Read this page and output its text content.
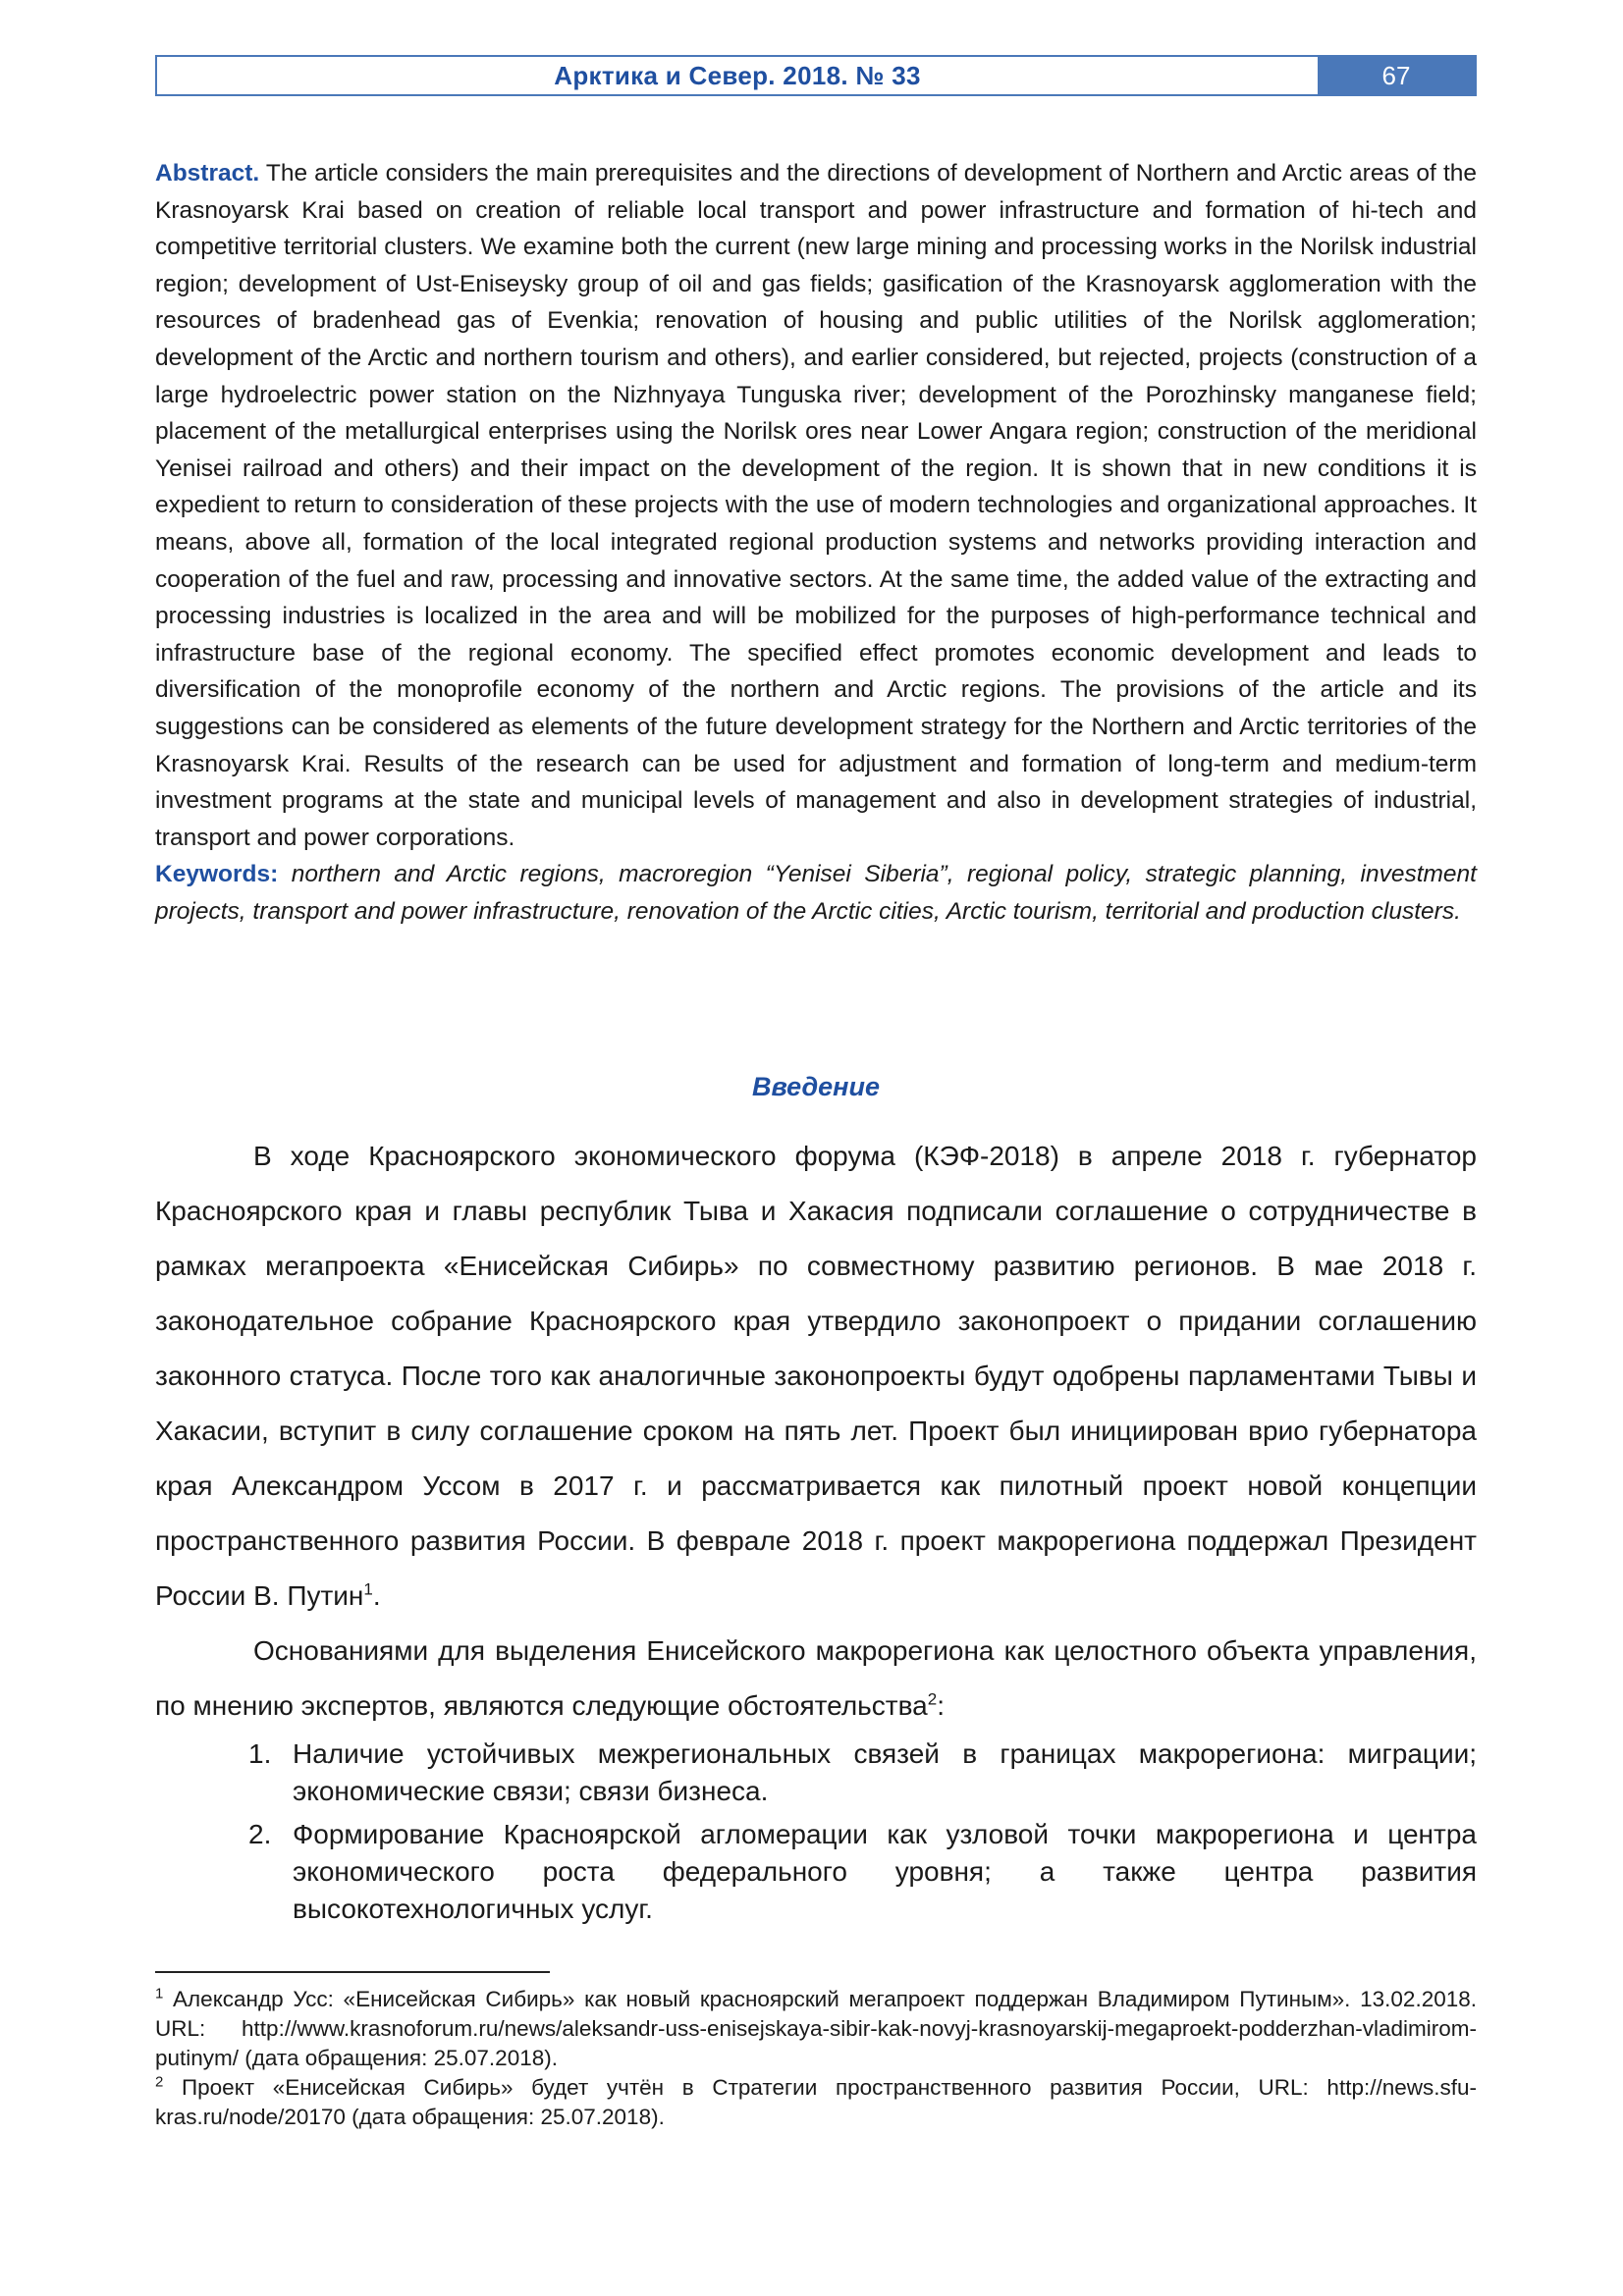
Арктика и Север. 2018. № 33	67
Abstract. The article considers the main prerequisites and the directions of development of Northern and Arctic areas of the Krasnoyarsk Krai based on creation of reliable local transport and power infrastructure and formation of hi-tech and competitive territorial clusters. We examine both the current (new large mining and processing works in the Norilsk industrial region; development of Ust-Eniseysky group of oil and gas fields; gasification of the Krasnoyarsk agglomeration with the resources of bradenhead gas of Evenkia; renovation of housing and public utilities of the Norilsk agglomeration; development of the Arctic and northern tourism and others), and earlier considered, but rejected, projects (construction of a large hydroelectric power station on the Nizhnyaya Tunguska river; development of the Porozhinsky manganese field; placement of the metallurgical enterprises using the Norilsk ores near Lower Angara region; construction of the meridional Yenisei railroad and others) and their impact on the development of the region. It is shown that in new conditions it is expedient to return to consideration of these projects with the use of modern technologies and organizational approaches. It means, above all, formation of the local integrated regional production systems and networks providing interaction and cooperation of the fuel and raw, processing and innovative sectors. At the same time, the added value of the extracting and processing industries is localized in the area and will be mobilized for the purposes of high-performance technical and infrastructure base of the regional economy. The specified effect promotes economic development and leads to diversification of the monoprofile economy of the northern and Arctic regions. The provisions of the article and its suggestions can be considered as elements of the future development strategy for the Northern and Arctic territories of the Krasnoyarsk Krai. Results of the research can be used for adjustment and formation of long-term and medium-term investment programs at the state and municipal levels of management and also in development strategies of industrial, transport and power corporations.
Keywords: northern and Arctic regions, macroregion “Yenisei Siberia”, regional policy, strategic planning, investment projects, transport and power infrastructure, renovation of the Arctic cities, Arctic tourism, territorial and production clusters.
Введение

В ходе Красноярского экономического форума (КЭФ-2018) в апреле 2018 г. губернатор Красноярского края и главы республик Тыва и Хакасия подписали соглашение о сотрудничестве в рамках мегапроекта «Енисейская Сибирь» по совместному развитию регионов. В мае 2018 г. законодательное собрание Красноярского края утвердило законопроект о придании соглашению законного статуса. После того как аналогичные законопроекты будут одобрены парламентами Тывы и Хакасии, вступит в силу соглашение сроком на пять лет. Проект был инициирован врио губернатора края Александром Уссом в 2017 г. и рассматривается как пилотный проект новой концепции пространственного развития России. В феврале 2018 г. проект макрорегиона поддержал Президент России В. Путин$^1$.

Основаниями для выделения Енисейского макрорегиона как целостного объекта управления, по мнению экспертов, являются следующие обстоятельства$^2$:

1. Наличие устойчивых межрегиональных связей в границах макрорегиона: миграции; экономические связи; связи бизнеса.
2. Формирование Красноярской агломерации как узловой точки макрорегиона и центра экономического роста федерального уровня; а также центра развития высокотехнологичных услуг.

$^1$ Александр Усс: «Енисейская Сибирь» как новый красноярский мегапроект поддержан Владимиром Путиным». 13.02.2018. URL: http://www.krasnoforum.ru/news/aleksandr-uss-enisejskaya-sibir-kak-novyj-krasnoyarskij-megaproekt-podderzhan-vladimirom-putinym/ (дата обращения: 25.07.2018).

$^2$ Проект «Енисейская Сибирь» будет учтён в Стратегии пространственного развития России, URL: http://news.sfu-kras.ru/node/20170 (дата обращения: 25.07.2018).
